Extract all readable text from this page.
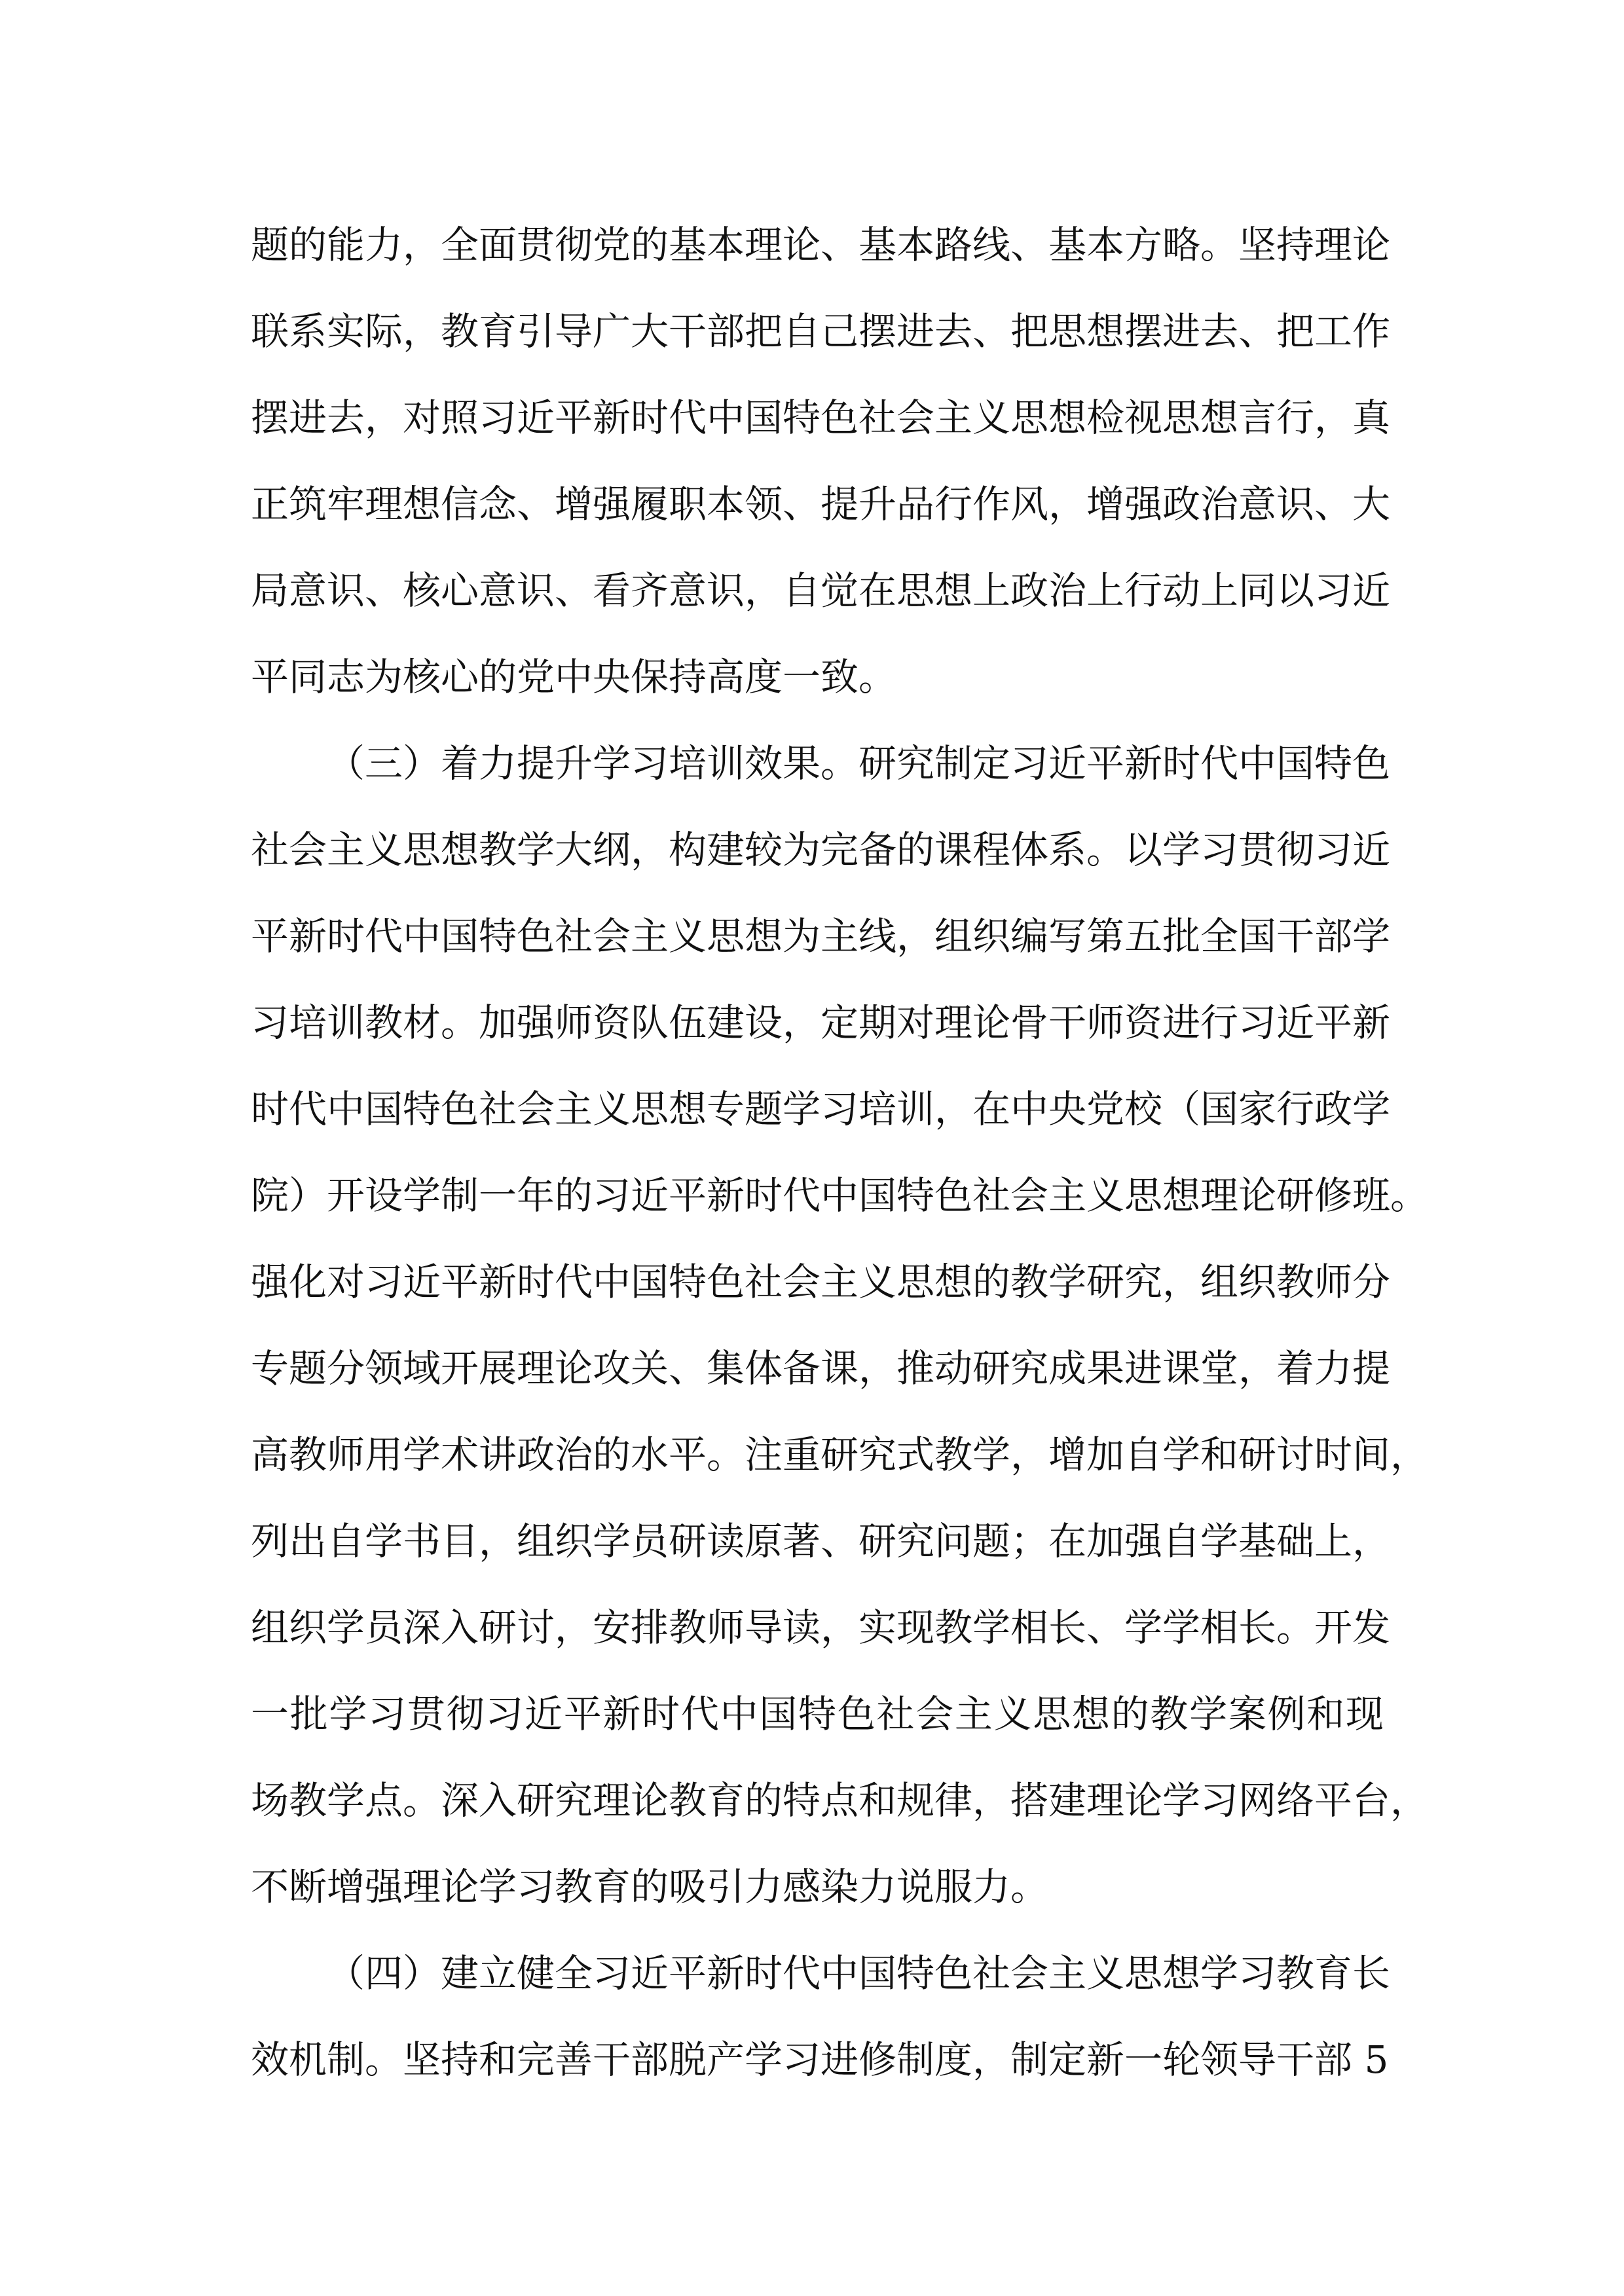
题的能力，全面贯彻党的基本理论、基本路线、基本方略。坚持理论
联系实际，教育引导广大干部把自己摆进去、把思想摆进去、把工作
摆进去，对照习近平新时代中国特色社会主义思想检视思想言行，真
正筑牢理想信念、增强履职本领、提升品行作风，增强政治意识、大
局意识、核心意识、看齐意识，自觉在思想上政治上行动上同以习近
平同志为核心的党中央保持高度一致。
（三）着力提升学习培训效果。研究制定习近平新时代中国特色
社会主义思想教学大纲，构建较为完备的课程体系。以学习贯彻习近
平新时代中国特色社会主义思想为主线，组织编写第五批全国干部学
习培训教材。加强师资队伍建设，定期对理论骨干师资进行习近平新
时代中国特色社会主义思想专题学习培训，在中央党校（国家行政学
院）开设学制一年的习近平新时代中国特色社会主义思想理论研修班。
强化对习近平新时代中国特色社会主义思想的教学研究，组织教师分
专题分领域开展理论攻关、集体备课，推动研究成果进课堂，着力提
高教师用学术讲政治的水平。注重研究式教学，增加自学和研讨时间，
列出自学书目，组织学员研读原著、研究问题；在加强自学基础上，
组织学员深入研讨，安排教师导读，实现教学相长、学学相长。开发
一批学习贯彻习近平新时代中国特色社会主义思想的教学案例和现
场教学点。深入研究理论教育的特点和规律，搭建理论学习网络平台，
不断增强理论学习教育的吸引力感染力说服力。
（四）建立健全习近平新时代中国特色社会主义思想学习教育长
效机制。坚持和完善干部脱产学习进修制度，制定新一轮领导干部 5
